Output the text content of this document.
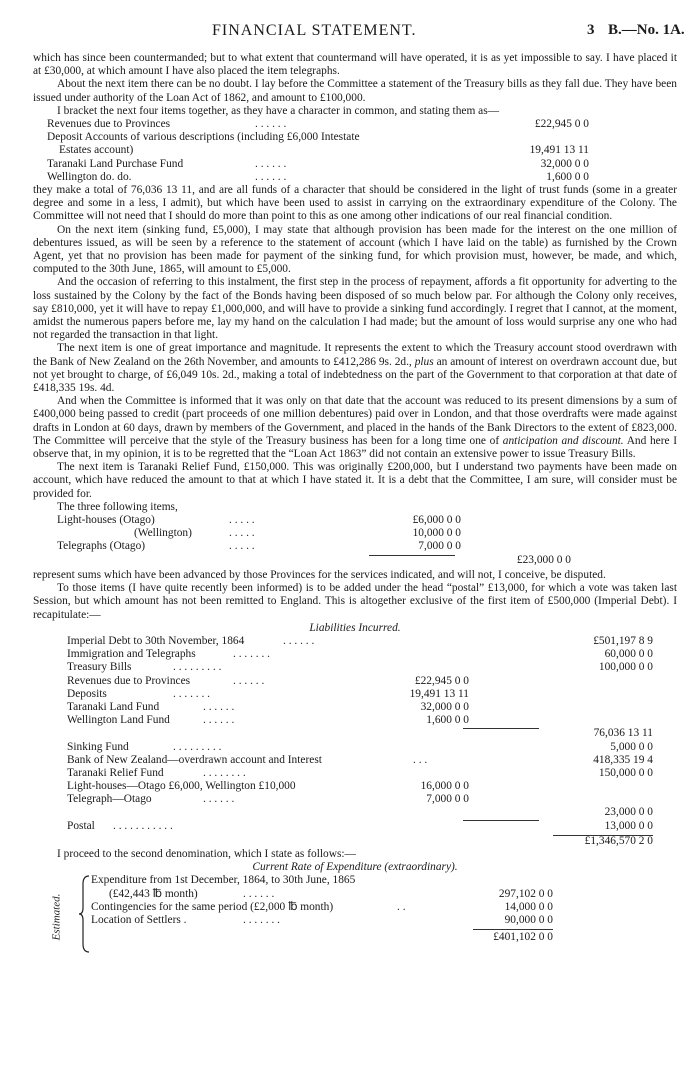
FINANCIAL STATEMENT.	3 B.—No. 1A.

which has since been countermanded; but to what extent that countermand will have operated, it is as yet impossible to say. I have placed it at £30,000, at which amount I have also placed the item telegraphs.

About the next item there can be no doubt. I lay before the Committee a statement of the Treasury bills as they fall due. They have been issued under authority of the Loan Act of 1862, and amount to £100,000.

I bracket the next four items together, as they have a character in common, and stating them as—

Revenues due to Provinces	. . . . . .	£22,945 0 0
Deposit Accounts of various descriptions (including £6,000 Intestate
Estates account)	19,491 13 11
Taranaki Land Purchase Fund	. . . . . .	32,000 0 0
Wellington do. do.	. . . . . .	1,600 0 0

they make a total of 76,036 13 11, and are all funds of a character that should be considered in the light of trust funds (some in a greater degree and some in a less, I admit), but which have been used to assist in carrying on the extraordinary expenditure of the Colony. The Committee will not need that I should do more than point to this as one among other indications of our real financial condition.

On the next item (sinking fund, £5,000), I may state that although provision has been made for the interest on the one million of debentures issued, as will be seen by a reference to the statement of account (which I have laid on the table) as furnished by the Crown Agent, yet that no provision has been made for payment of the sinking fund, for which provision must, however, be made, and which, computed to the 30th June, 1865, will amount to £5,000.

And the occasion of referring to this instalment, the first step in the process of repayment, affords a fit opportunity for adverting to the loss sustained by the Colony by the fact of the Bonds having been disposed of so much below par. For although the Colony only receives, say £810,000, yet it will have to repay £1,000,000, and will have to provide a sinking fund accordingly. I regret that I cannot, at the moment, amidst the numerous papers before me, lay my hand on the calculation I had made; but the amount of loss would surprise any one who had not regarded the transaction in that light.

The next item is one of great importance and magnitude. It represents the extent to which the Treasury account stood overdrawn with the Bank of New Zealand on the 26th November, and amounts to £412,286 9s. 2d., plus an amount of interest on overdrawn account due, but not yet brought to charge, of £6,049 10s. 2d., making a total of indebtedness on the part of the Government to that corporation at that date of £418,335 19s. 4d.

And when the Committee is informed that it was only on that date that the account was reduced to its present dimensions by a sum of £400,000 being passed to credit (part proceeds of one million debentures) paid over in London, and that those overdrafts were made against drafts in London at 60 days, drawn by members of the Government, and placed in the hands of the Bank Directors to the extent of £823,000. The Committee will perceive that the style of the Treasury business has been for a long time one of anticipation and discount. And here I observe that, in my opinion, it is to be regretted that the “Loan Act 1863” did not contain an extensive power to issue Treasury Bills.

The next item is Taranaki Relief Fund, £150,000. This was originally £200,000, but I understand two payments have been made on account, which have reduced the amount to that at which I have stated it. It is a debt that the Committee, I am sure, will consider must be provided for.

The three following items,

Light-houses (Otago)	. . . . .	£6,000 0 0
(Wellington)	. . . . .	10,000 0 0
Telegraphs (Otago)	. . . . .	7,000 0 0
£23,000 0 0

represent sums which have been advanced by those Provinces for the services indicated, and will not, I conceive, be disputed.

To those items (I have quite recently been informed) is to be added under the head “postal” £13,000, for which a vote was taken last Session, but which amount has not been remitted to England. This is altogether exclusive of the first item of £500,000 (Imperial Debt). I recapitulate:—

Liabilities Incurred.
Imperial Debt to 30th November, 1864	. . . . . .	£501,197 8 9
Immigration and Telegraphs	. . . . . . .	60,000 0 0
Treasury Bills	. . . . . . . . .	100,000 0 0
Revenues due to Provinces	. . . . . .	£22,945 0 0
Deposits	. . . . . . .	19,491 13 11
Taranaki Land Fund	. . . . . .	32,000 0 0
Wellington Land Fund	. . . . . .	1,600 0 0
76,036 13 11
Sinking Fund	. . . . . . . . .	5,000 0 0
Bank of New Zealand—overdrawn account and Interest	. . .	418,335 19 4
Taranaki Relief Fund	. . . . . . . .	150,000 0 0
Light-houses—Otago £6,000, Wellington £10,000	16,000 0 0
Telegraph—Otago	. . . . . .	7,000 0 0
23,000 0 0
Postal . . . . . . . . . . .	13,000 0 0
£1,346,570 2 0

I proceed to the second denomination, which I state as follows:—

Current Rate of Expenditure (extraordinary).
Estimated.
Expenditure from 1st December, 1864, to 30th June, 1865
(£42,443 ℔ month)	. . . . . .	297,102 0 0
Contingencies for the same period (£2,000 ℔ month)	. .	14,000 0 0
Location of Settlers .	. . . . . . .	90,000 0 0
£401,102 0 0
